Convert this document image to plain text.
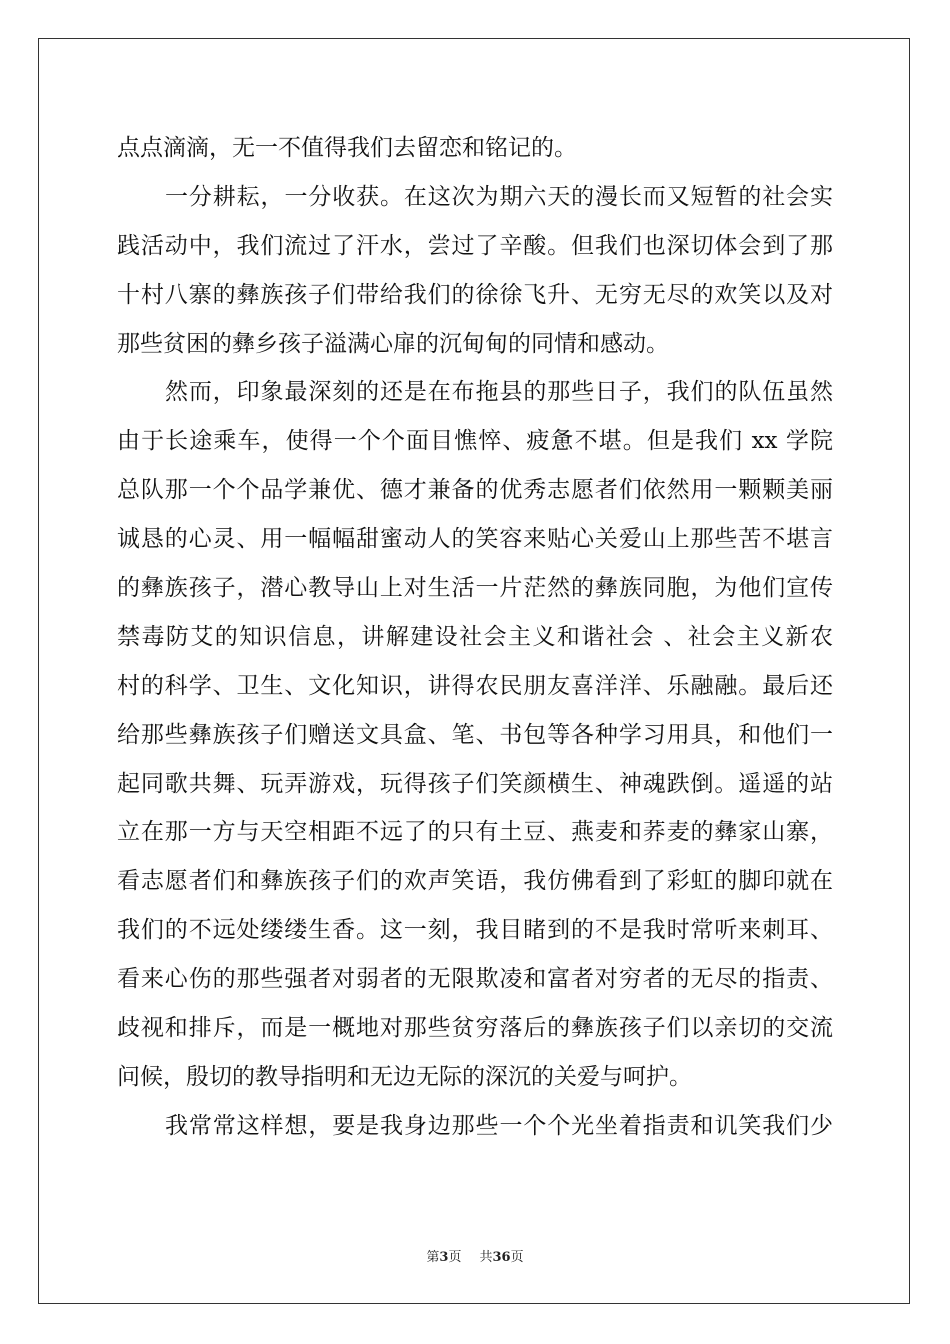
点点滴滴，无一不值得我们去留恋和铭记的。
一分耕耘，一分收获。在这次为期六天的漫长而又短暂的社会实
践活动中，我们流过了汗水，尝过了辛酸。但我们也深切体会到了那
十村八寨的彝族孩子们带给我们的徐徐飞升、无穷无尽的欢笑以及对
那些贫困的彝乡孩子溢满心扉的沉甸甸的同情和感动。
然而，印象最深刻的还是在布拖县的那些日子，我们的队伍虽然
由于长途乘车，使得一个个面目憔悴、疲惫不堪。但是我们 xx 学院
总队那一个个品学兼优、德才兼备的优秀志愿者们依然用一颗颗美丽
诚恳的心灵、用一幅幅甜蜜动人的笑容来贴心关爱山上那些苦不堪言
的彝族孩子，潜心教导山上对生活一片茫然的彝族同胞，为他们宣传
禁毒防艾的知识信息，讲解建设社会主义和谐社会 、社会主义新农
村的科学、卫生、文化知识，讲得农民朋友喜洋洋、乐融融。最后还
给那些彝族孩子们赠送文具盒、笔、书包等各种学习用具，和他们一
起同歌共舞、玩弄游戏，玩得孩子们笑颜横生、神魂跌倒。遥遥的站
立在那一方与天空相距不远了的只有土豆、燕麦和荞麦的彝家山寨，
看志愿者们和彝族孩子们的欢声笑语，我仿佛看到了彩虹的脚印就在
我们的不远处缕缕生香。这一刻，我目睹到的不是我时常听来刺耳、
看来心伤的那些强者对弱者的无限欺凌和富者对穷者的无尽的指责、
歧视和排斥，而是一概地对那些贫穷落后的彝族孩子们以亲切的交流
问候，殷切的教导指明和无边无际的深沉的关爱与呵护。
我常常这样想，要是我身边那些一个个光坐着指责和讥笑我们少
第3页 共36页
